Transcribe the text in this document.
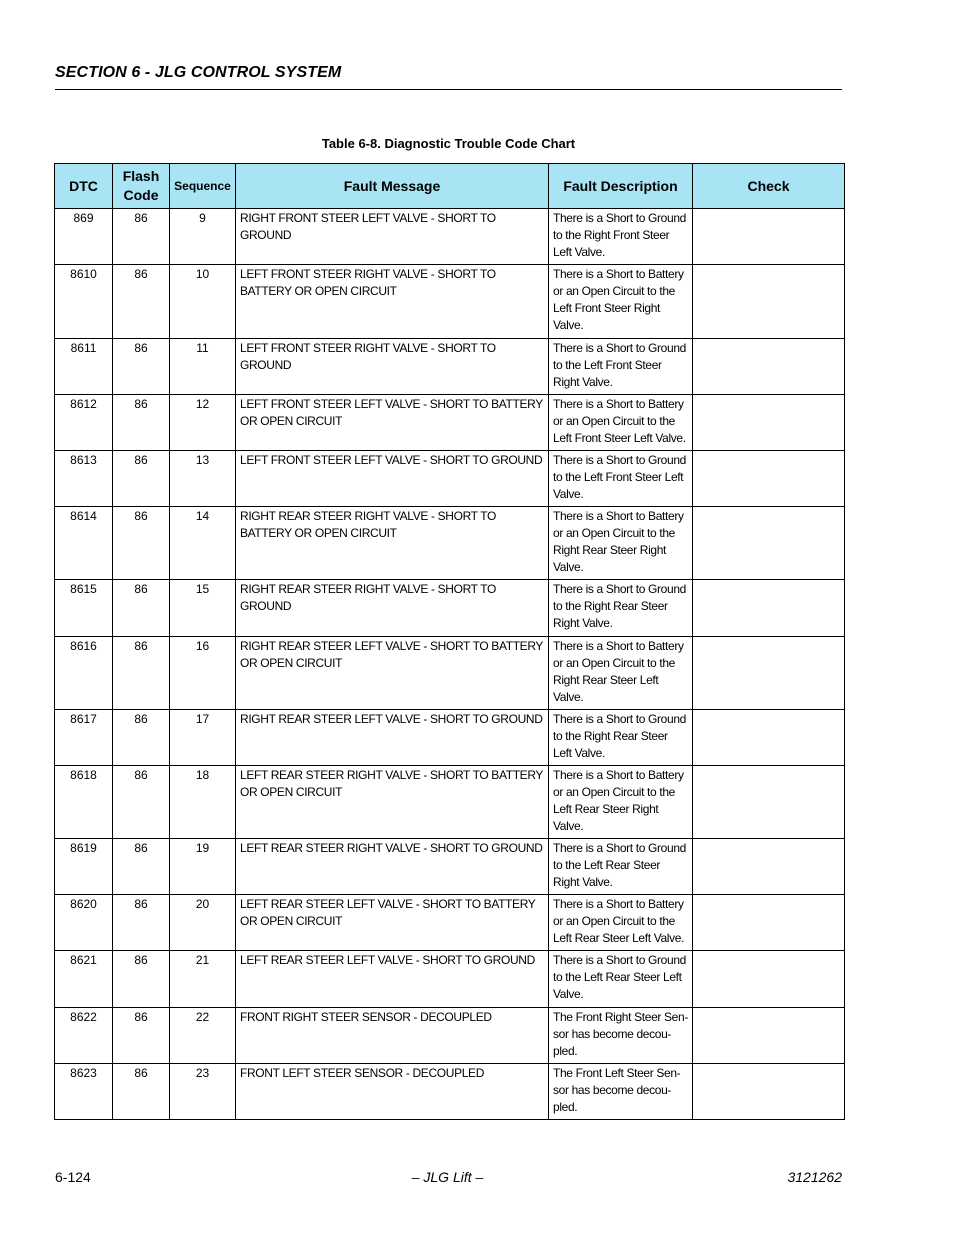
SECTION 6 - JLG CONTROL SYSTEM
Table 6-8. Diagnostic Trouble Code Chart
DTC	Flash Code	Sequence	Fault Message	Fault Description	Check
869	86	9	RIGHT FRONT STEER LEFT VALVE - SHORT TO GROUND	There is a Short to Ground to the Right Front Steer Left Valve.	
8610	86	10	LEFT FRONT STEER RIGHT VALVE - SHORT TO BATTERY OR OPEN CIRCUIT	There is a Short to Battery or an Open Circuit to the Left Front Steer Right Valve.	
8611	86	11	LEFT FRONT STEER RIGHT VALVE - SHORT TO GROUND	There is a Short to Ground to the Left Front Steer Right Valve.	
8612	86	12	LEFT FRONT STEER LEFT VALVE - SHORT TO BATTERY OR OPEN CIRCUIT	There is a Short to Battery or an Open Circuit to the Left Front Steer Left Valve.	
8613	86	13	LEFT FRONT STEER LEFT VALVE - SHORT TO GROUND	There is a Short to Ground to the Left Front Steer Left Valve.	
8614	86	14	RIGHT REAR STEER RIGHT VALVE - SHORT TO BATTERY OR OPEN CIRCUIT	There is a Short to Battery or an Open Circuit to the Right Rear Steer Right Valve.	
8615	86	15	RIGHT REAR STEER RIGHT VALVE - SHORT TO GROUND	There is a Short to Ground to the Right Rear Steer Right Valve.	
8616	86	16	RIGHT REAR STEER LEFT VALVE - SHORT TO BATTERY OR OPEN CIRCUIT	There is a Short to Battery or an Open Circuit to the Right Rear Steer Left Valve.	
8617	86	17	RIGHT REAR STEER LEFT VALVE - SHORT TO GROUND	There is a Short to Ground to the Right Rear Steer Left Valve.	
8618	86	18	LEFT REAR STEER RIGHT VALVE - SHORT TO BATTERY OR OPEN CIRCUIT	There is a Short to Battery or an Open Circuit to the Left Rear Steer Right Valve.	
8619	86	19	LEFT REAR STEER RIGHT VALVE - SHORT TO GROUND	There is a Short to Ground to the Left Rear Steer Right Valve.	
8620	86	20	LEFT REAR STEER LEFT VALVE - SHORT TO BATTERY OR OPEN CIRCUIT	There is a Short to Battery or an Open Circuit to the Left Rear Steer Left Valve.	
8621	86	21	LEFT REAR STEER LEFT VALVE - SHORT TO GROUND	There is a Short to Ground to the Left Rear Steer Left Valve.	
8622	86	22	FRONT RIGHT STEER SENSOR - DECOUPLED	The Front Right Steer Sen-sor has become decou-pled.	
8623	86	23	FRONT LEFT STEER SENSOR - DECOUPLED	The Front Left Steer Sen-sor has become decou-pled.	
6-124	– JLG Lift –	3121262
